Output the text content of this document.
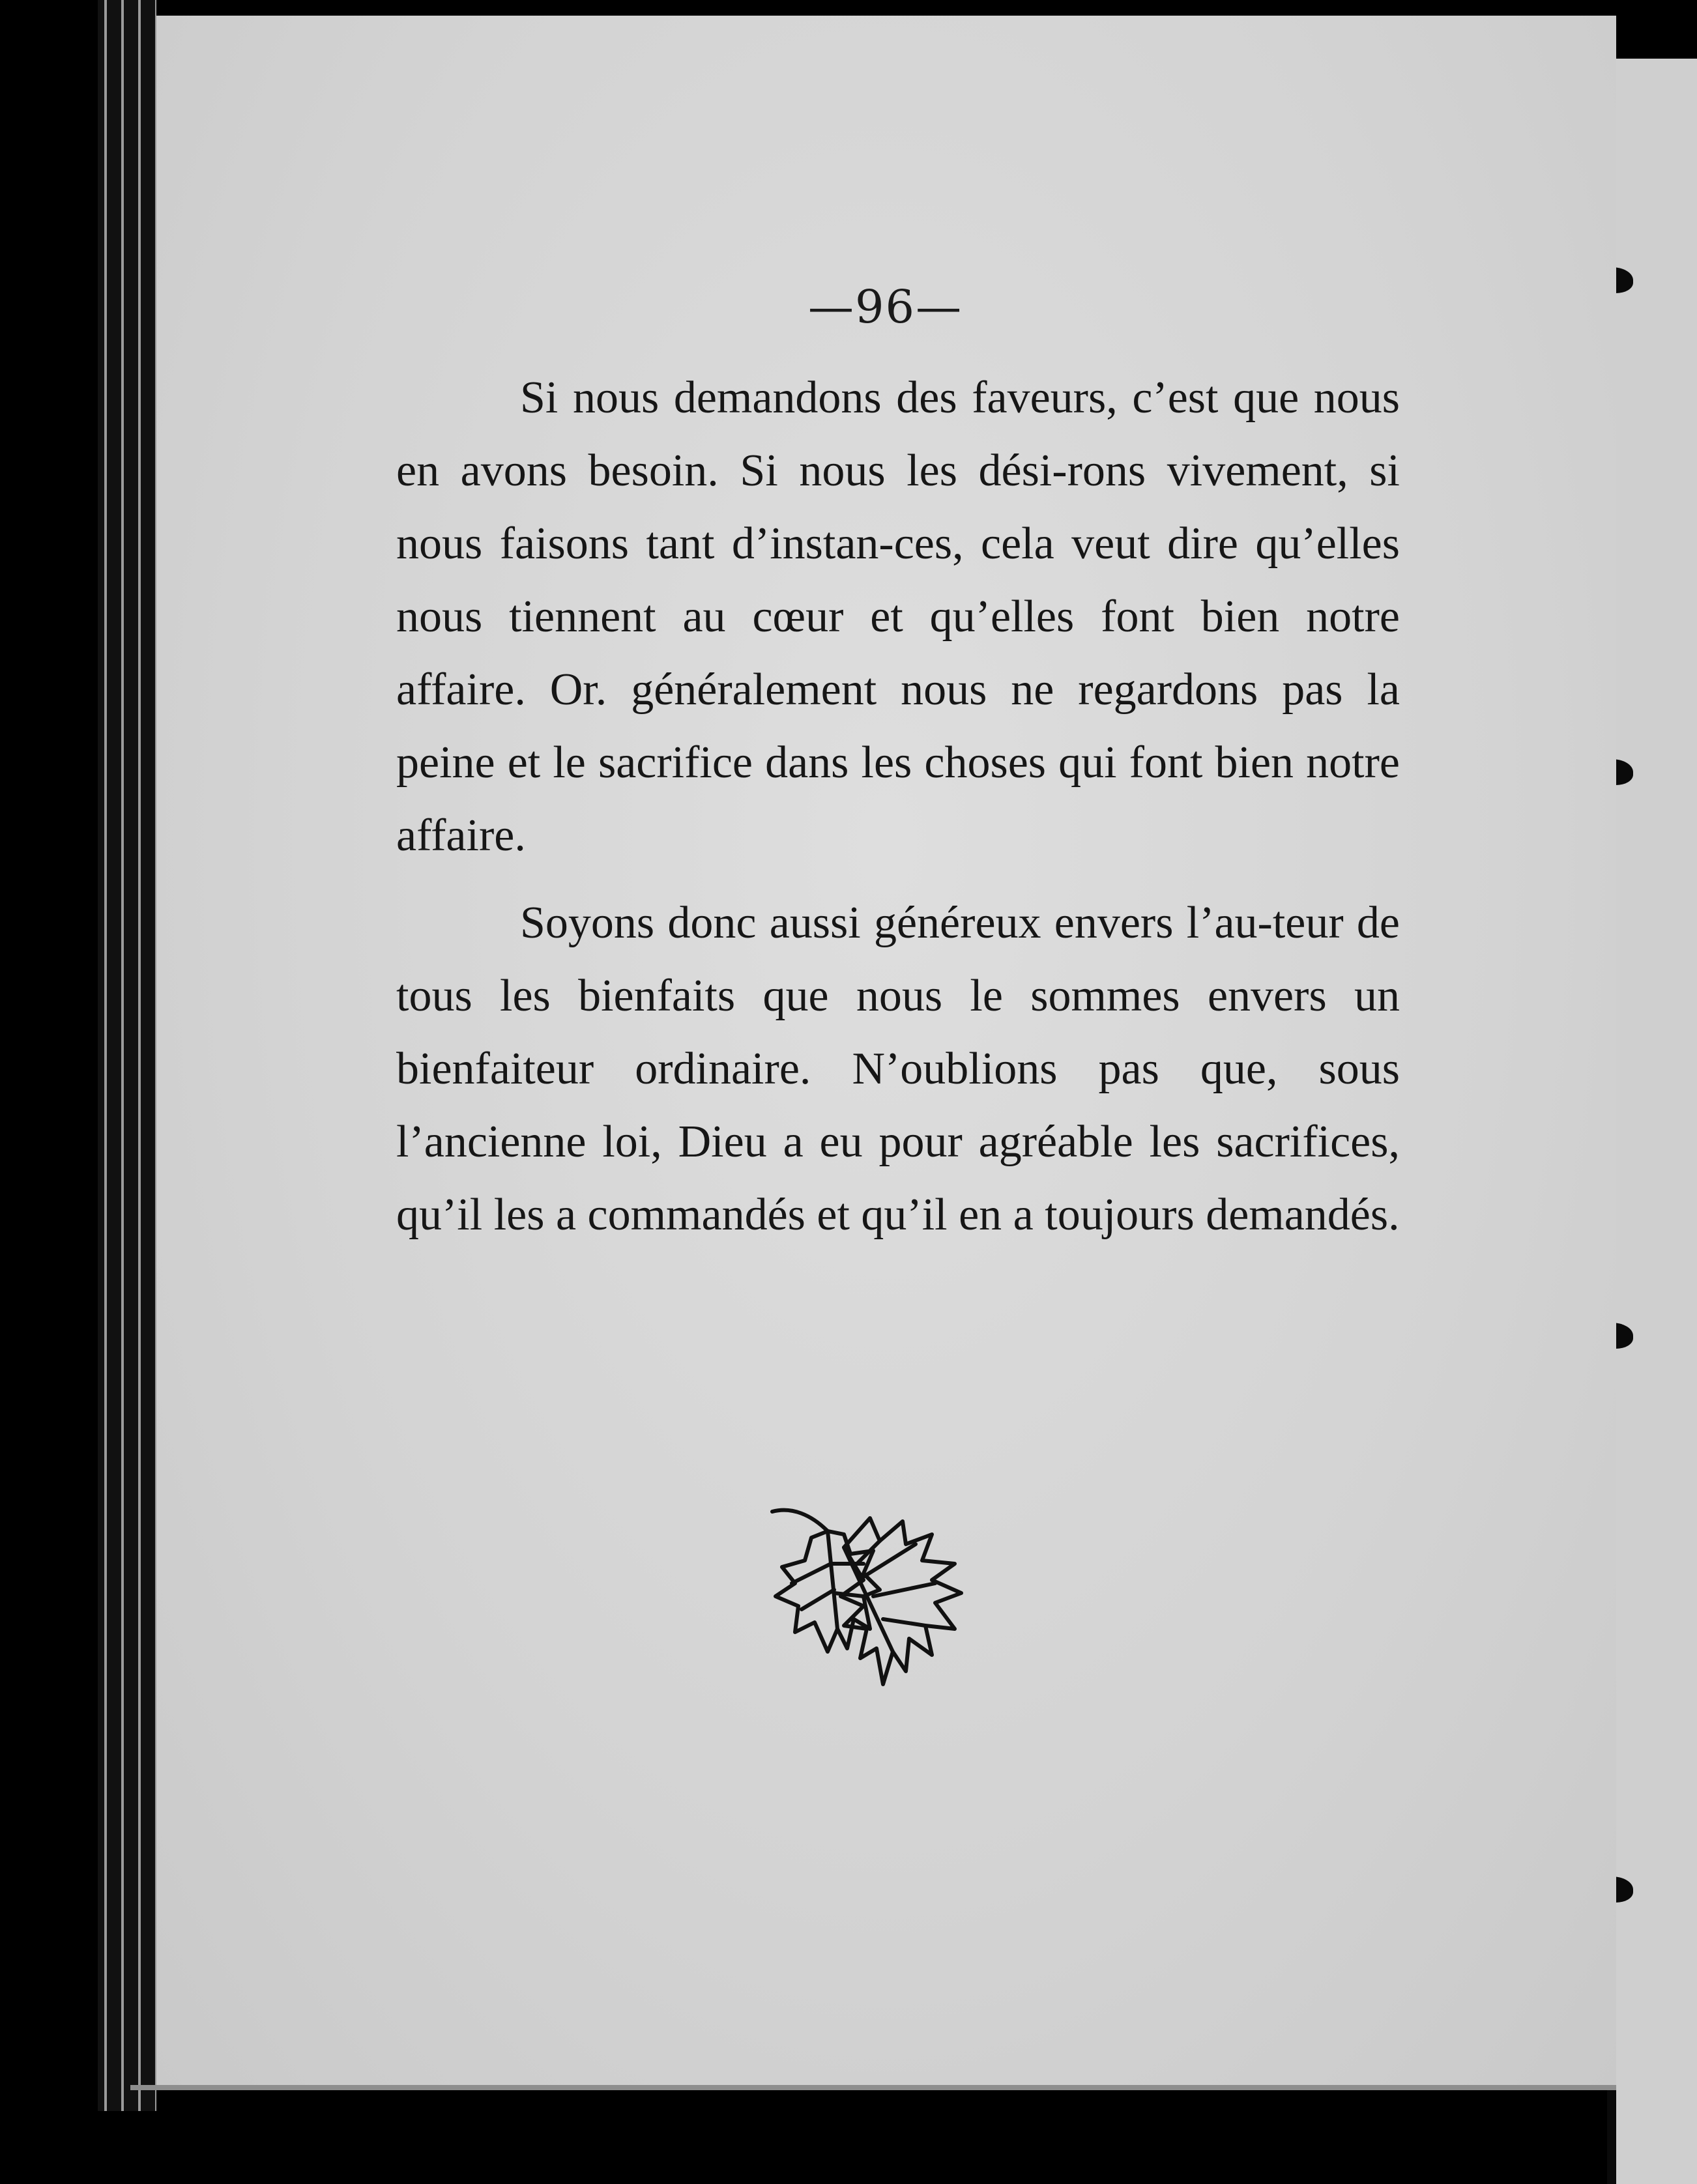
—96—

Si nous demandons des faveurs, c’est que nous en avons besoin. Si nous les dési-rons vivement, si nous faisons tant d’instan-ces, cela veut dire qu’elles nous tiennent au cœur et qu’elles font bien notre affaire. Or. généralement nous ne regardons pas la peine et le sacrifice dans les choses qui font bien notre affaire.

Soyons donc aussi généreux envers l’au-teur de tous les bienfaits que nous le sommes envers un bienfaiteur ordinaire. N’oublions pas que, sous l’ancienne loi, Dieu a eu pour agréable les sacrifices, qu’il les a commandés et qu’il en a toujours demandés.
